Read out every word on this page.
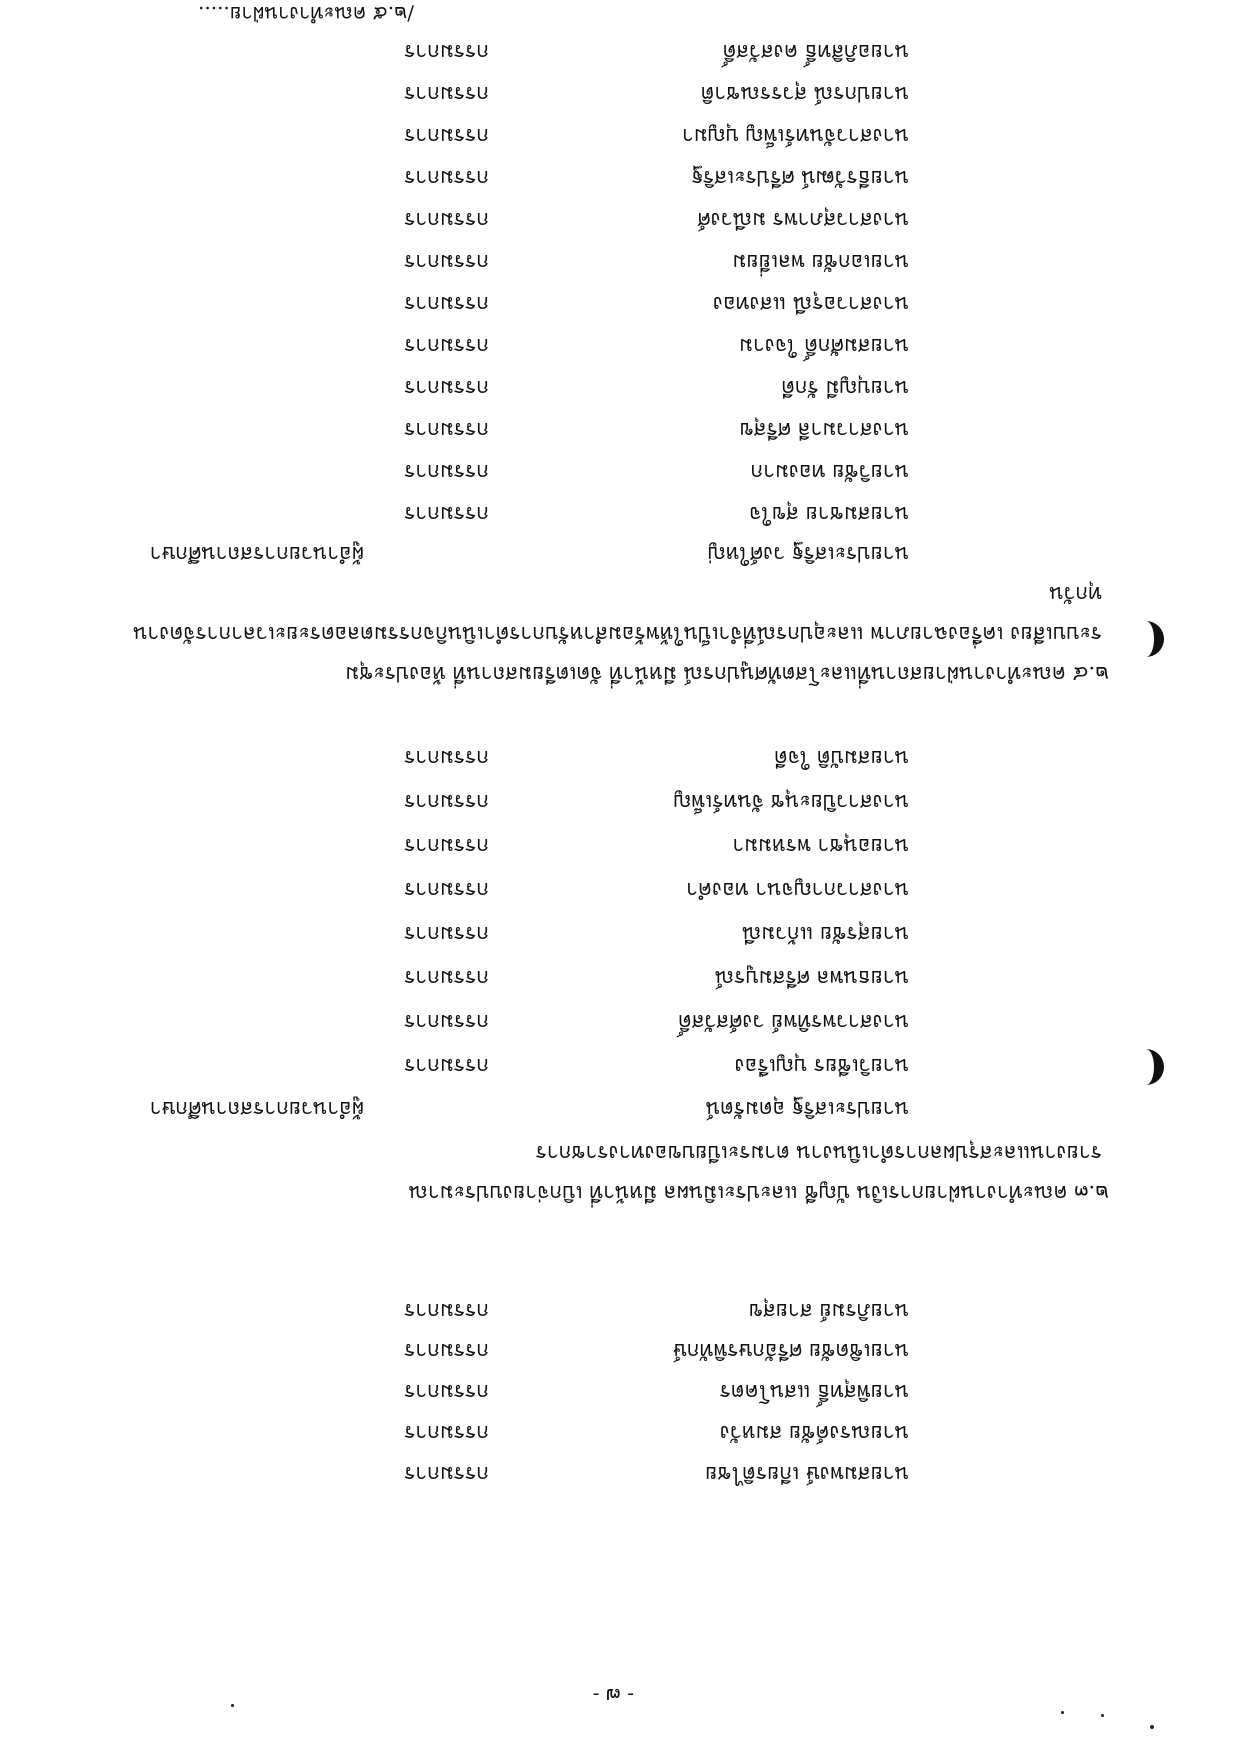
- ๗ -
นายสมพงษ์ เกียรติไชย
กรรมการ
นายณรงค์ชัย สมหวัง
กรรมการ
นายพิสุทธิ์ แสนโคตร
กรรมการ
นายเชิดชัย ศรีอักษรพิทักษ์
กรรมการ
นายภิรมย์ สายสุข
กรรมการ
๒.๓ คณะทำงานฝ่ายการเงิน บัญชี และประเมินผล มีหน้าที่ เบิกจ่ายงบประมาณ
รายงานและสรุปผลการดำเนินงาน ตามระเบียบของทางราชการ
นายประเสริฐ อุดมรัตน์
ผู้อำนวยการสถานศึกษา
นายวิเชียร บุญเรือง
กรรมการ
นางสาวพรทิพย์ วงศ์สวัสดิ์
กรรมการ
นายธนพล ศรีสมบูรณ์
กรรมการ
นายสุรชัย แก้วมณี
กรรมการ
นางสาวกาญจนา ทองคำ
กรรมการ
นายอนุชา พรหมมา
กรรมการ
นางสาวปิยะนุช จันทร์เพ็ญ
กรรมการ
นายสมบัติ ใจดี
กรรมการ
๒.๔ คณะทำงานฝ่ายสถานที่และโสตทัศนูปกรณ์ มีหน้าที่ จัดเตรียมสถานที่ ห้องประชุม
ระบบเสียง เครื่องฉายภาพ และอุปกรณ์ที่จำเป็นให้พร้อมสำหรับการดำเนินกิจกรรมตลอดระยะเวลาการจัดงาน
ทุกวัน
นายประเสริฐ วงศ์ใหญ่
ผู้อำนวยการสถานศึกษา
นายสมชาย สุขใจ
กรรมการ
นายวิชัย ทองมาก
กรรมการ
นางสาวมาลี ศรีสุข
กรรมการ
นายบุญมี รักดี
กรรมการ
นายสมศักดิ์ ใจงาม
กรรมการ
นางสาวอรุณี แสงทอง
กรรมการ
นายเอกชัย พลเยี่ยม
กรรมการ
นางสาวสุภาพร มณีวงศ์
กรรมการ
นายธีรวัฒน์ ศรีประเสริฐ
กรรมการ
นางสาวจันทร์เพ็ญ บุญมา
กรรมการ
นายปกรณ์ สุวรรณชาติ
กรรมการ
นายอภิสิทธิ์ คงสวัสดิ์
กรรมการ
/๒.๕ คณะทำงานฝ่าย.....
